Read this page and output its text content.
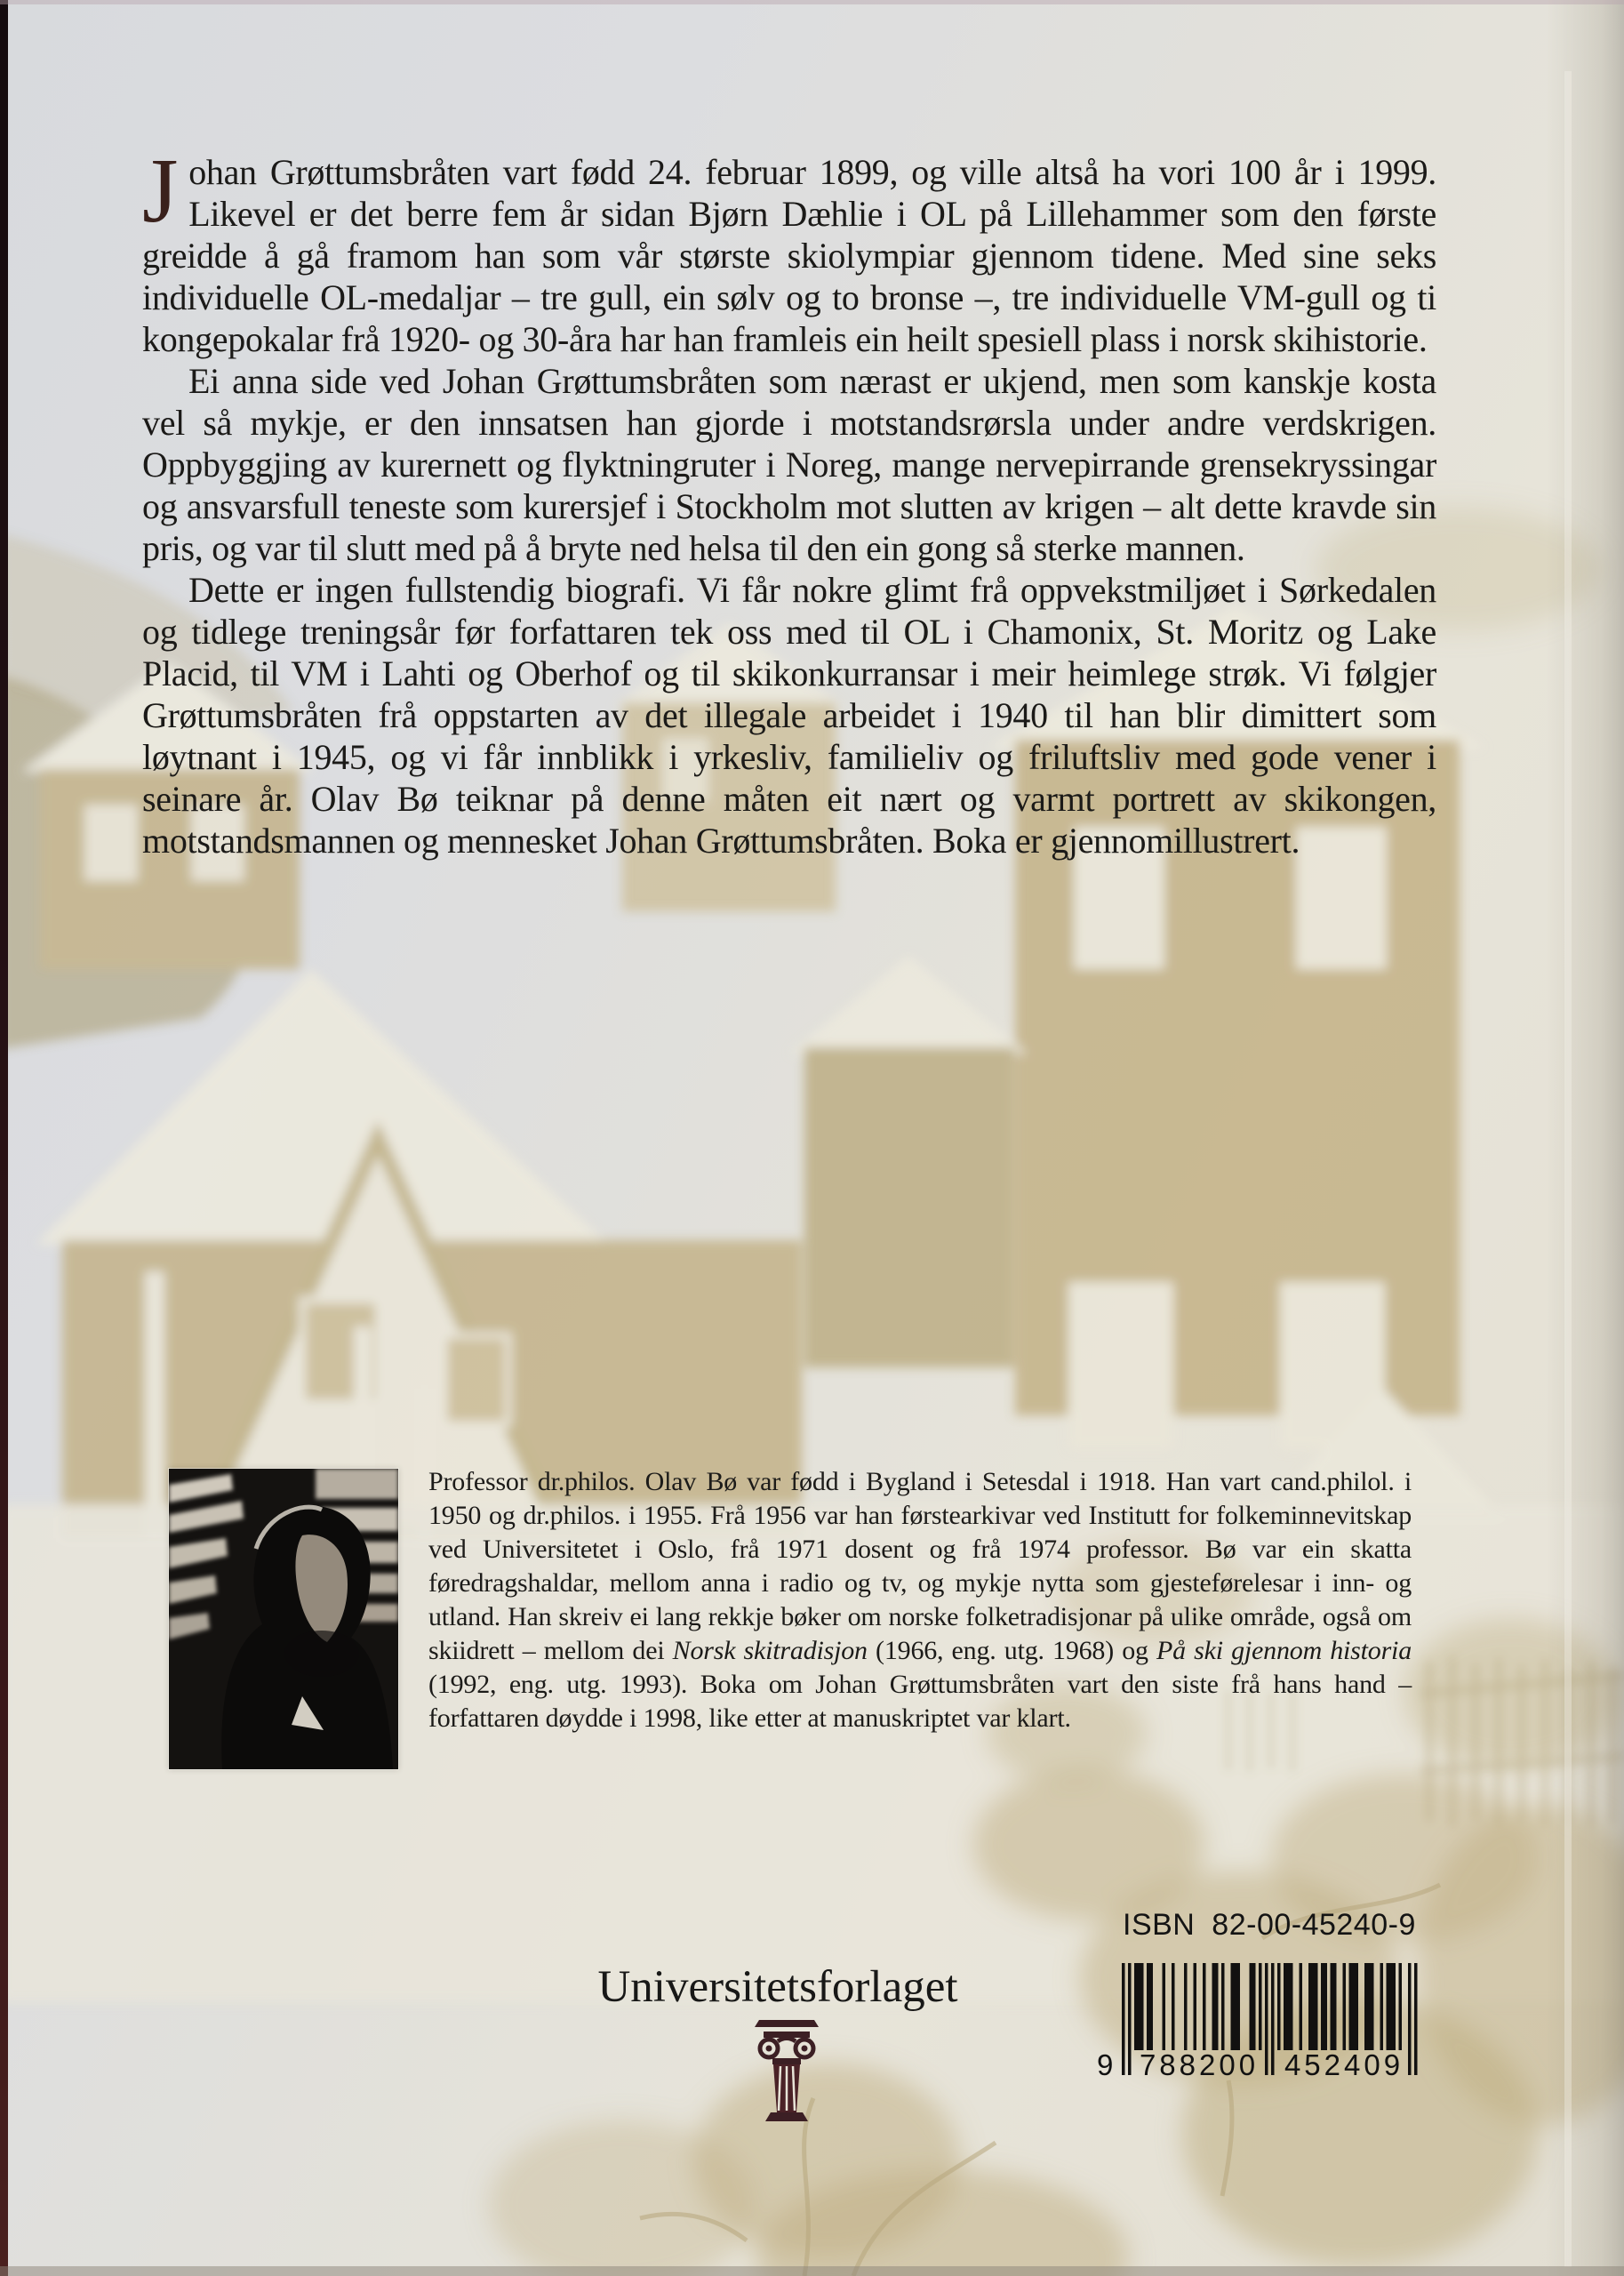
Johan Grøttumsbråten vart fødd 24. februar 1899, og ville altså ha vori 100 år i 1999. Likevel er det berre fem år sidan Bjørn Dæhlie i OL på Lillehammer som den første greidde å gå framom han som vår største skiolympiar gjennom tidene. Med sine seks individuelle OL-medaljar – tre gull, ein sølv og to bronse –, tre individuelle VM-gull og ti kongepokalar frå 1920- og 30-åra har han framleis ein heilt spesiell plass i norsk skihistorie.

Ei anna side ved Johan Grøttumsbråten som nærast er ukjend, men som kanskje kosta vel så mykje, er den innsatsen han gjorde i motstandsrørsla under andre verdskrigen. Oppbyggjing av kurernett og flyktningruter i Noreg, mange nervepirrande grensekryssingar og ansvarsfull teneste som kurersjef i Stockholm mot slutten av krigen – alt dette kravde sin pris, og var til slutt med på å bryte ned helsa til den ein gong så sterke mannen.

Dette er ingen fullstendig biografi. Vi får nokre glimt frå oppvekstmiljøet i Sørkedalen og tidlege treningsår før forfattaren tek oss med til OL i Chamonix, St. Moritz og Lake Placid, til VM i Lahti og Oberhof og til skikonkurransar i meir heimlege strøk. Vi følgjer Grøttumsbråten frå oppstarten av det illegale arbeidet i 1940 til han blir dimittert som løytnant i 1945, og vi får innblikk i yrkesliv, familieliv og friluftsliv med gode vener i seinare år. Olav Bø teiknar på denne måten eit nært og varmt portrett av skikongen, motstandsmannen og mennesket Johan Grøttumsbråten. Boka er gjennomillustrert.

Professor dr.philos. Olav Bø var fødd i Bygland i Setesdal i 1918. Han vart cand.philol. i 1950 og dr.philos. i 1955. Frå 1956 var han førstearkivar ved Institutt for folkeminnevitskap ved Universitetet i Oslo, frå 1971 dosent og frå 1974 professor. Bø var ein skatta føredragshaldar, mellom anna i radio og tv, og mykje nytta som gjesteførelesar i inn- og utland. Han skreiv ei lang rekkje bøker om norske folketradisjonar på ulike område, også om skiidrett – mellom dei Norsk skitradisjon (1966, eng. utg. 1968) og På ski gjennom historia (1992, eng. utg. 1993). Boka om Johan Grøttumsbråten vart den siste frå hans hand – forfattaren døydde i 1998, like etter at manuskriptet var klart.

ISBN 82-00-45240-9
9 788200 452409
Universitetsforlaget
